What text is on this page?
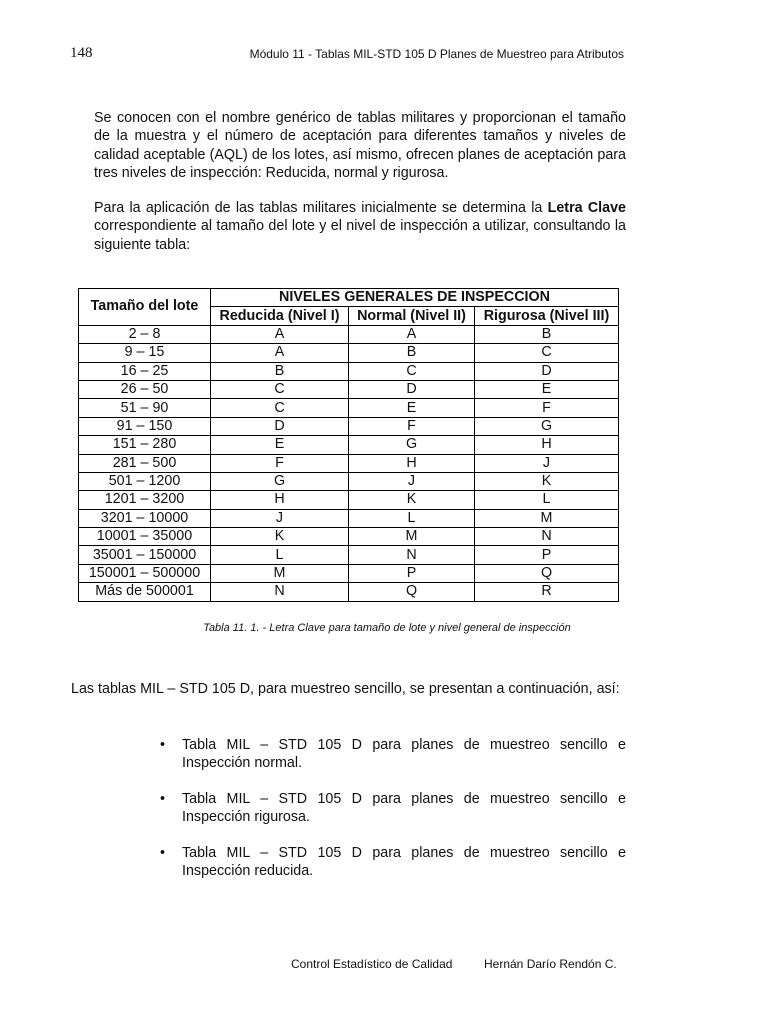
148	Módulo 11 - Tablas MIL-STD 105 D Planes de Muestreo para Atributos

Se conocen con el nombre genérico de tablas militares y proporcionan el tamaño de la muestra y el número de aceptación para diferentes tamaños y niveles de calidad aceptable (AQL) de los lotes, así mismo, ofrecen planes de aceptación para tres niveles de inspección: Reducida, normal y rigurosa.

Para la aplicación de las tablas militares inicialmente se determina la Letra Clave correspondiente al tamaño del lote y el nivel de inspección a utilizar, consultando la siguiente tabla:

Tamaño del lote	NIVELES GENERALES DE INSPECCION		
	Reducida (Nivel I)	Normal (Nivel II)	Rigurosa (Nivel III)
2 – 8	A	A	B
9 – 15	A	B	C
16 – 25	B	C	D
26 – 50	C	D	E
51 – 90	C	E	F
91 – 150	D	F	G
151 – 280	E	G	H
281 – 500	F	H	J
501 – 1200	G	J	K
1201 – 3200	H	K	L
3201 – 10000	J	L	M
10001 – 35000	K	M	N
35001 – 150000	L	N	P
150001 – 500000	M	P	Q
Más de 500001	N	Q	R
Tabla 11. 1. - Letra Clave para tamaño de lote y nivel general de inspección

Las tablas MIL – STD 105 D, para muestreo sencillo, se presentan a continuación, así:

• Tabla MIL – STD 105 D para planes de muestreo sencillo e Inspección normal.
• Tabla MIL – STD 105 D para planes de muestreo sencillo e Inspección rigurosa.
• Tabla MIL – STD 105 D para planes de muestreo sencillo e Inspección reducida.
Control Estadístico de Calidad	Hernán Darío Rendón C.
